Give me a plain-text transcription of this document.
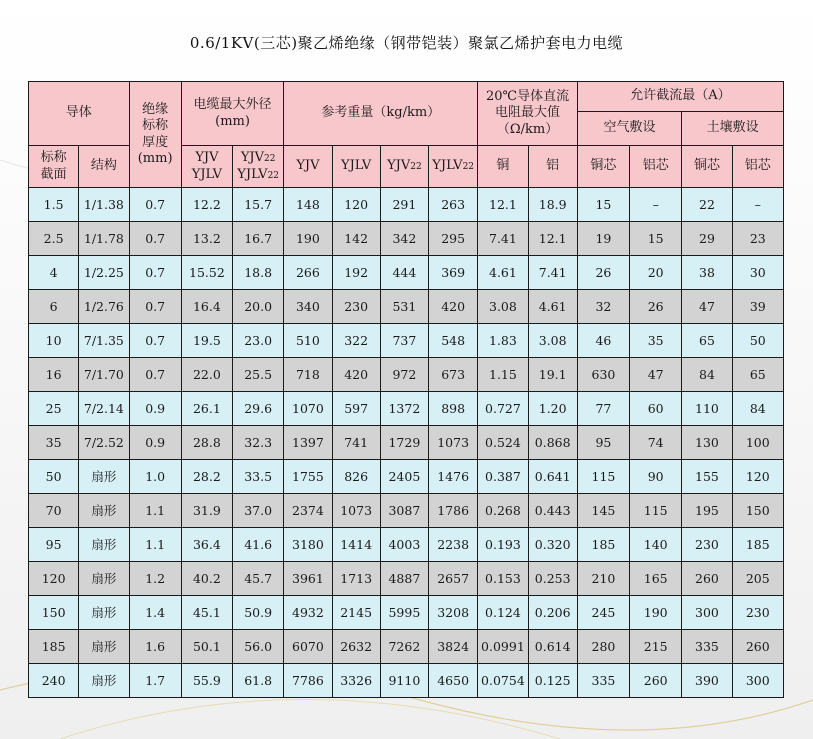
0.6/1KV(三芯)聚乙烯绝缘（钢带铠装）聚氯乙烯护套电力电缆
导体		绝缘
标称
厚度
(mm)	电缆最大外径
(mm)		参考重量（kg/km）				20℃导体直流
电阻最大值
（Ω/km）		允许截流最（A）			
											空气敷设		土壤敷设	
标称
截面	结构		YJV
YJLV	YJV22
YJLV22	YJV	YJLV	YJV22	YJLV22	铜	铝	铜芯	铝芯	铜芯	铝芯
1.5	1/1.38	0.7	12.2	15.7	148	120	291	263	12.1	18.9	15	–	22	–
2.5	1/1.78	0.7	13.2	16.7	190	142	342	295	7.41	12.1	19	15	29	23
4	1/2.25	0.7	15.52	18.8	266	192	444	369	4.61	7.41	26	20	38	30
6	1/2.76	0.7	16.4	20.0	340	230	531	420	3.08	4.61	32	26	47	39
10	7/1.35	0.7	19.5	23.0	510	322	737	548	1.83	3.08	46	35	65	50
16	7/1.70	0.7	22.0	25.5	718	420	972	673	1.15	19.1	630	47	84	65
25	7/2.14	0.9	26.1	29.6	1070	597	1372	898	0.727	1.20	77	60	110	84
35	7/2.52	0.9	28.8	32.3	1397	741	1729	1073	0.524	0.868	95	74	130	100
50	扇形	1.0	28.2	33.5	1755	826	2405	1476	0.387	0.641	115	90	155	120
70	扇形	1.1	31.9	37.0	2374	1073	3087	1786	0.268	0.443	145	115	195	150
95	扇形	1.1	36.4	41.6	3180	1414	4003	2238	0.193	0.320	185	140	230	185
120	扇形	1.2	40.2	45.7	3961	1713	4887	2657	0.153	0.253	210	165	260	205
150	扇形	1.4	45.1	50.9	4932	2145	5995	3208	0.124	0.206	245	190	300	230
185	扇形	1.6	50.1	56.0	6070	2632	7262	3824	0.0991	0.614	280	215	335	260
240	扇形	1.7	55.9	61.8	7786	3326	9110	4650	0.0754	0.125	335	260	390	300
